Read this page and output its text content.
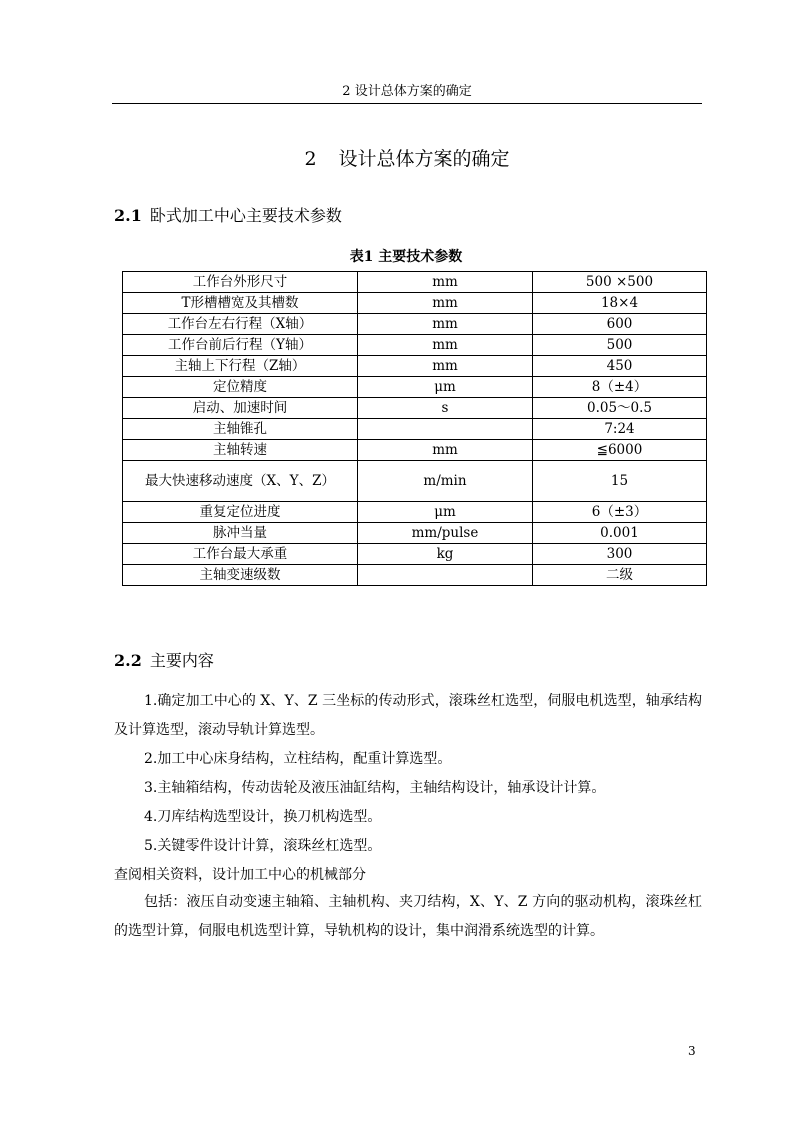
2 设计总体方案的确定
2 设计总体方案的确定
2.1 卧式加工中心主要技术参数
表1 主要技术参数
工作台外形尺寸	mm	500 ×500
T形槽槽宽及其槽数	mm	18×4
工作台左右行程（X轴）	mm	600
工作台前后行程（Y轴）	mm	500
主轴上下行程（Z轴）	mm	450
定位精度	μm	8（±4）
启动、加速时间	s	0.05～0.5
主轴锥孔		7:24
主轴转速	mm	≦6000
最大快速移动速度（X、Y、Z）	m/min	15
重复定位进度	μm	6（±3）
脉冲当量	mm/pulse	0.001
工作台最大承重	kg	300
主轴变速级数		二级
2.2 主要内容
1.确定加工中心的 X、Y、Z 三坐标的传动形式，滚珠丝杠选型，伺服电机选型，轴承结构及计算选型，滚动导轨计算选型。
2.加工中心床身结构，立柱结构，配重计算选型。
3.主轴箱结构，传动齿轮及液压油缸结构，主轴结构设计，轴承设计计算。
4.刀库结构选型设计，换刀机构选型。
5.关键零件设计计算，滚珠丝杠选型。
查阅相关资料，设计加工中心的机械部分
包括：液压自动变速主轴箱、主轴机构、夹刀结构，X、Y、Z 方向的驱动机构，滚珠丝杠的选型计算，伺服电机选型计算，导轨机构的设计，集中润滑系统选型的计算。
3
